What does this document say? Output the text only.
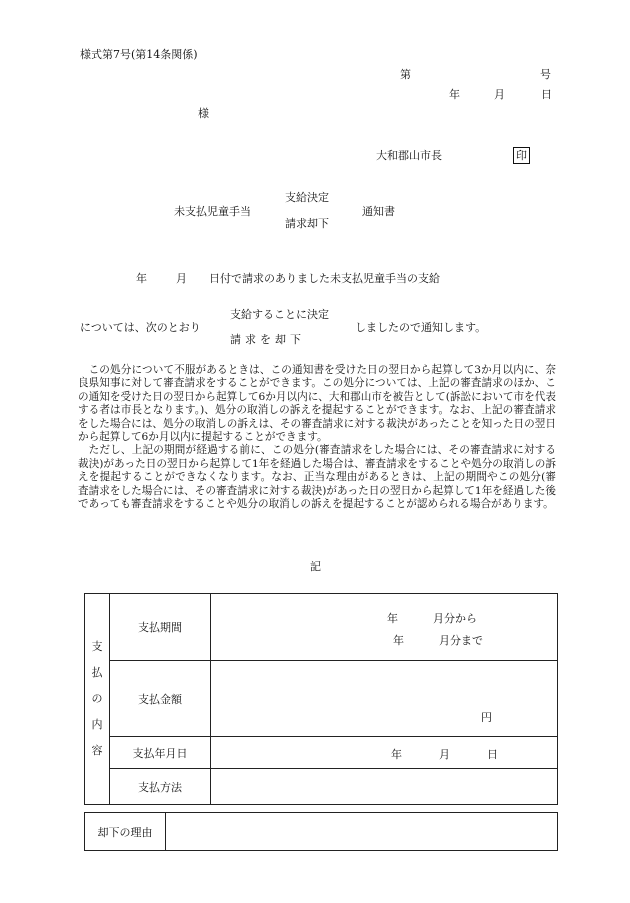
様式第7号(第14条関係)
第	号
年	月	日
様
大和郡山市長	印
未支払児童手当
支給決定
請求却下
通知書
年	月 日付で請求のありました未支払児童手当の支給
支給することに決定
請求を却下
については、次のとおり	しましたので通知します。

この処分について不服があるときは、この通知書を受けた日の翌日から起算して3か月以内に、奈良県知事に対して審査請求をすることができます。この処分については、上記の審査請求のほか、この通知を受けた日の翌日から起算して6か月以内に、大和郡山市を被告として(訴訟において市を代表する者は市長となります。)、処分の取消しの訴えを提起することができます。なお、上記の審査請求をした場合には、処分の取消しの訴えは、その審査請求に対する裁決があったことを知った日の翌日から起算して6か月以内に提起することができます。

ただし、上記の期間が経過する前に、この処分(審査請求をした場合には、その審査請求に対する裁決)があった日の翌日から起算して1年を経過した場合は、審査請求をすることや処分の取消しの訴えを提起することができなくなります。なお、正当な理由があるときは、上記の期間やこの処分(審査請求をした場合には、その審査請求に対する裁決)があった日の翌日から起算して1年を経過した後であっても審査請求をすることや処分の取消しの訴えを提起することが認められる場合があります。

記
支
払
の
内
容	支払期間	年 月分から
年 月分まで

	支払金額	円

	支払年月日	年 月 日

	支払方法	
却下の理由	
